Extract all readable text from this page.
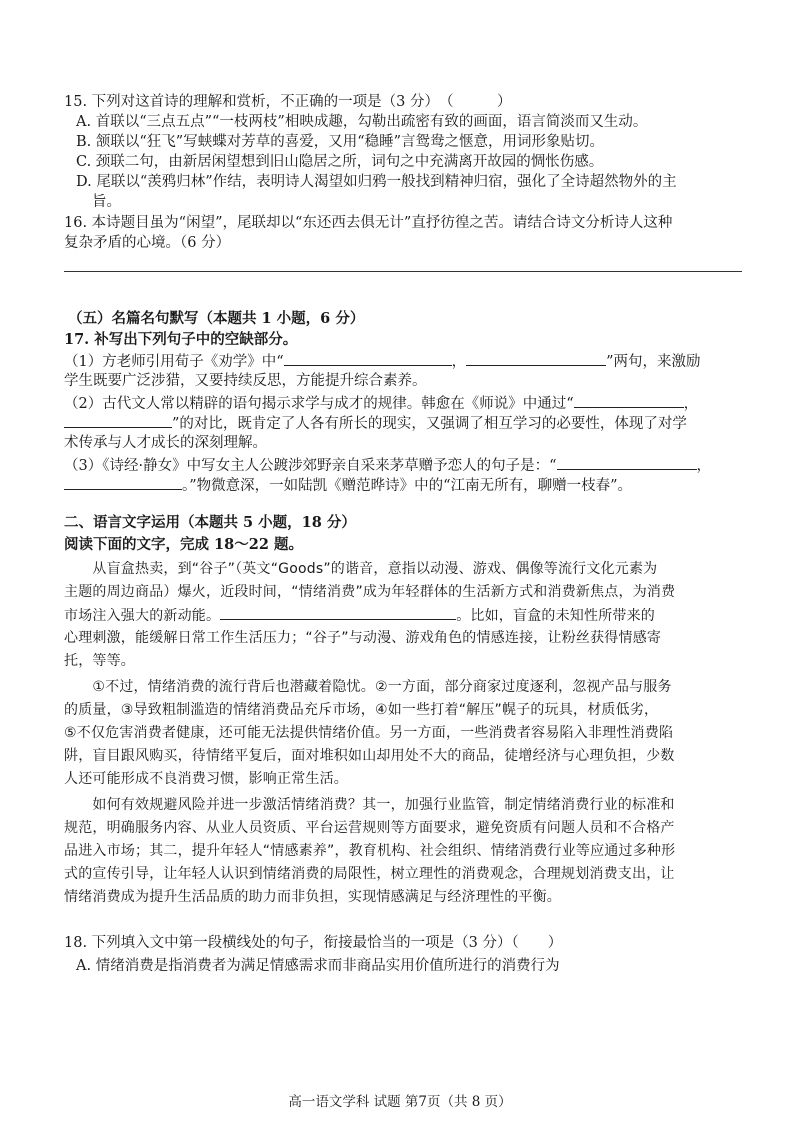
15. 下列对这首诗的理解和赏析，不正确的一项是（3 分）　（　　　）
A. 首联以“三点五点”“一枝两枝”相映成趣，勾勒出疏密有致的画面，语言简淡而又生动。
B. 颔联以“狂飞”写蛱蝶对芳草的喜爱，又用“稳睡”言鸳鸯之惬意，用词形象贴切。
C. 颈联二句，由新居闲望想到旧山隐居之所，词句之中充满离开故园的惆怅伤感。
D. 尾联以“羡鸦归林”作结，表明诗人渴望如归鸦一般找到精神归宿，强化了全诗超然物外的主
旨。
16. 本诗题目虽为“闲望”，尾联却以“东还西去俱无计”直抒彷徨之苦。请结合诗文分析诗人这种
复杂矛盾的心境。（6 分）
（五）名篇名句默写（本题共 1 小题，6 分）
17. 补写出下列句子中的空缺部分。
（1）方老师引用荀子《劝学》中“	，	”两句，来激励
学生既要广泛涉猎，又要持续反思，方能提升综合素养。
（2）古代文人常以精辟的语句揭示求学与成才的规律。韩愈在《师说》中通过“	，
”的对比，既肯定了人各有所长的现实，又强调了相互学习的必要性，体现了对学
术传承与人才成长的深刻理解。
（3）《诗经·静女》中写女主人公踱涉郊野亲自采来茅草赠予恋人的句子是：“	，
。”物微意深，一如陆凯《赠范晔诗》中的“江南无所有，聊赠一枝春”。
二、语言文字运用（本题共 5 小题，18 分）
阅读下面的文字，完成 18～22 题。
　　从盲盒热卖，到“谷子”（英文“Goods”的谐音，意指以动漫、游戏、偶像等流行文化元素为
主题的周边商品）爆火，近段时间，“情绪消费”成为年轻群体的生活新方式和消费新焦点，为消费
市场注入强大的新动能。	。比如，盲盒的未知性所带来的
心理刺激，能缓解日常工作生活压力；“谷子”与动漫、游戏角色的情感连接，让粉丝获得情感寄
托，等等。
　　①不过，情绪消费的流行背后也潜藏着隐忧。②一方面，部分商家过度逐利，忽视产品与服务
的质量，③导致粗制滥造的情绪消费品充斥市场，④如一些打着“解压”幌子的玩具，材质低劣，
⑤不仅危害消费者健康，还可能无法提供情绪价值。另一方面，一些消费者容易陷入非理性消费陷
阱，盲目跟风购买，待情绪平复后，面对堆积如山却用处不大的商品，徒增经济与心理负担，少数
人还可能形成不良消费习惯，影响正常生活。
　　如何有效规避风险并进一步激活情绪消费？其一，加强行业监管，制定情绪消费行业的标准和
规范，明确服务内容、从业人员资质、平台运营规则等方面要求，避免资质有问题人员和不合格产
品进入市场；其二，提升年轻人“情感素养”，教育机构、社会组织、情绪消费行业等应通过多种形
式的宣传引导，让年轻人认识到情绪消费的局限性，树立理性的消费观念，合理规划消费支出，让
情绪消费成为提升生活品质的助力而非负担，实现情感满足与经济理性的平衡。
18. 下列填入文中第一段横线处的句子，衔接最恰当的一项是（3 分）（　　）
A. 情绪消费是指消费者为满足情感需求而非商品实用价值所进行的消费行为
高一语文学科 试题 第7页（共 8 页）
